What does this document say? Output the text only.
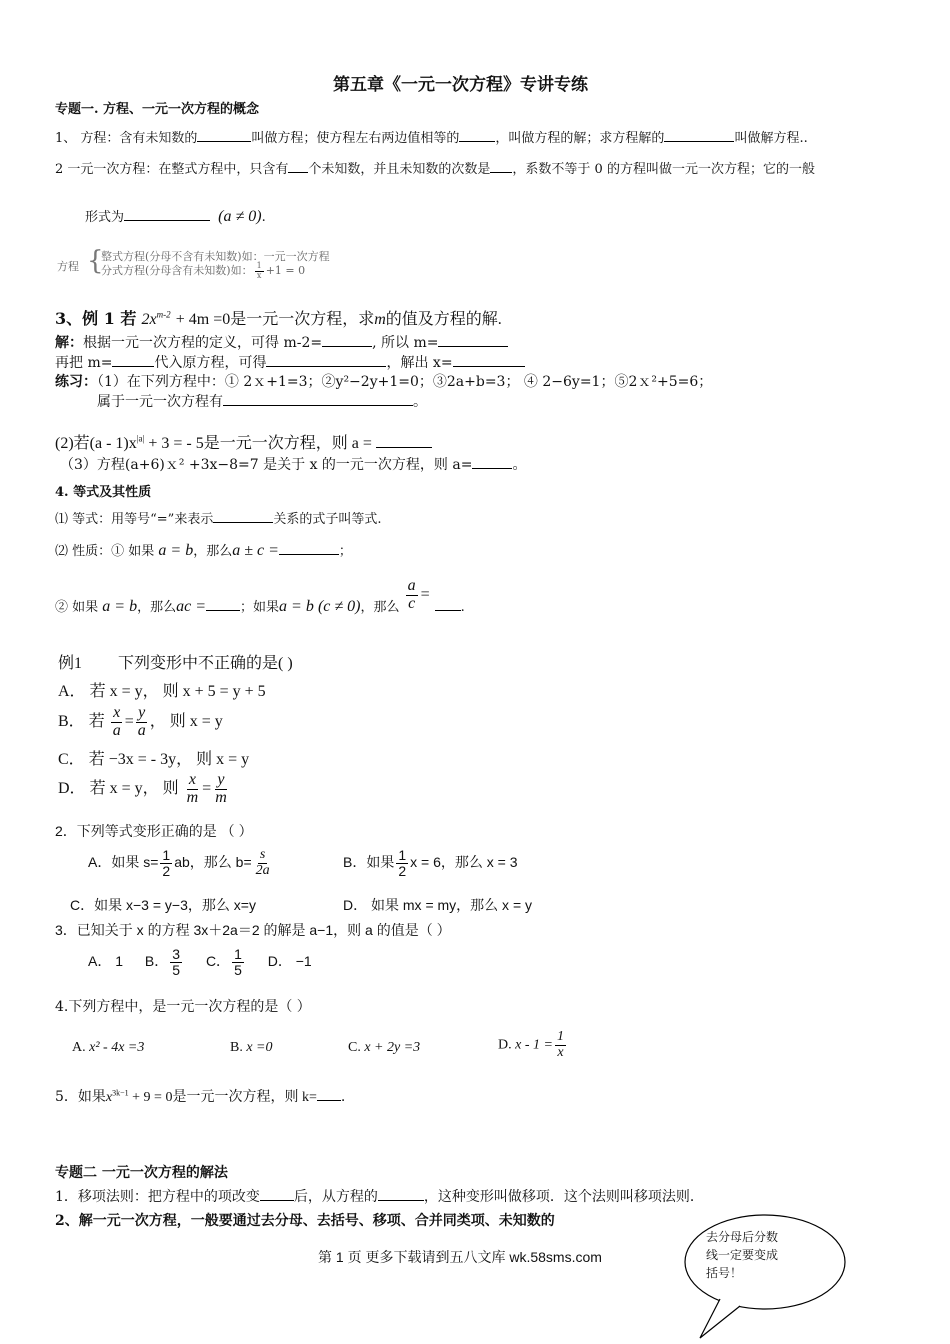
第五章《一元一次方程》专讲专练
专题一. 方程、一元一次方程的概念
1、 方程：含有未知数的	叫做方程；使方程左右两边值相等的	，叫做方程的解；求方程解的	叫做解方程..
2 一元一次方程：在整式方程中，只含有 个未知数，并且未知数的次数是 ，系数不等于 0 的方程叫做一元一次方程；它的一般
形式为	(a ≠ 0).
方程 {
整式方程(分母不含有未知数)如：一元一次方程
分式方程(分母含有未知数)如： $\frac{1}{x} +1 = 0$
3、例 1 若 $2x^{m-2} + 4m =0$是一元一次方程，求m的值及方程的解.
解：根据一元一次方程的定义，可得 m-2=	, 所以 m=
再把 m=	代入原方程，可得	，解出 x=
练习：（1）在下列方程中：① 2ｘ+1=3；②y²−2y+1=0；③2a+b=3； ④ 2−6y=1；⑤2ｘ²+5=6；
属于一元一次方程有	。
(2)若$(a - 1)x^{|a|} + 3$ = - 5是一元一次方程，则 a =
（3）方程(a+6)ｘ² +3x−8=7 是关于 x 的一元一次方程，则 a=	。
4. 等式及其性质
⑴ 等式：用等号“=”来表示	关系的式子叫等式.
⑵ 性质：① 如果 a = b，那么a ± c =	；
② 如果 a = b，那么ac =	；如果a = b (c ≠ 0)，那么 $\frac{a}{c}$ = .
例1 下列变形中不正确的是( )
A． 若 x = y， 则 x + 5 = y + 5
B． 若 $\frac{x}{a} = \frac{y}{a}$ ， 则 x = y
C． 若 −3x = - 3y， 则 x = y
D． 若 x = y， 则 $\frac{x}{m} = \frac{y}{m}$
2．下列等式变形正确的是 （ ）
A．如果 $s= \frac{1}{2}$ ab，那么 $b= \frac{s}{2a}$	B．如果 $\frac{1}{2}$ x = 6，那么 x = 3
C．如果 x−3 = y−3，那么 x=y	D． 如果 mx = my，那么 x = y
3．已知关于 x 的方程 3x＋2a＝2 的解是 a−1，则 a 的值是（ ）
A． 1 B． $\frac{3}{5}$ C． $\frac{1}{5}$ D． −1
4.下列方程中，是一元一次方程的是（ ）
A. x² - 4x =3	B. x =0	C. x + 2y =3	D. $x - 1 = \frac{1}{x}$
5．如果$x^{3k-1} + 9 = 0$是一元一次方程，则 k= .
专题二 一元一次方程的解法
1．移项法则：把方程中的项改变 后，从方程的	，这种变形叫做移项．这个法则叫移项法则．
2、解一元一次方程，一般要通过去分母、去括号、移项、合并同类项、未知数的
第 1 页 更多下载请到五八文库 wk.58sms.com
去分母后分数
线一定要变成
括号！
